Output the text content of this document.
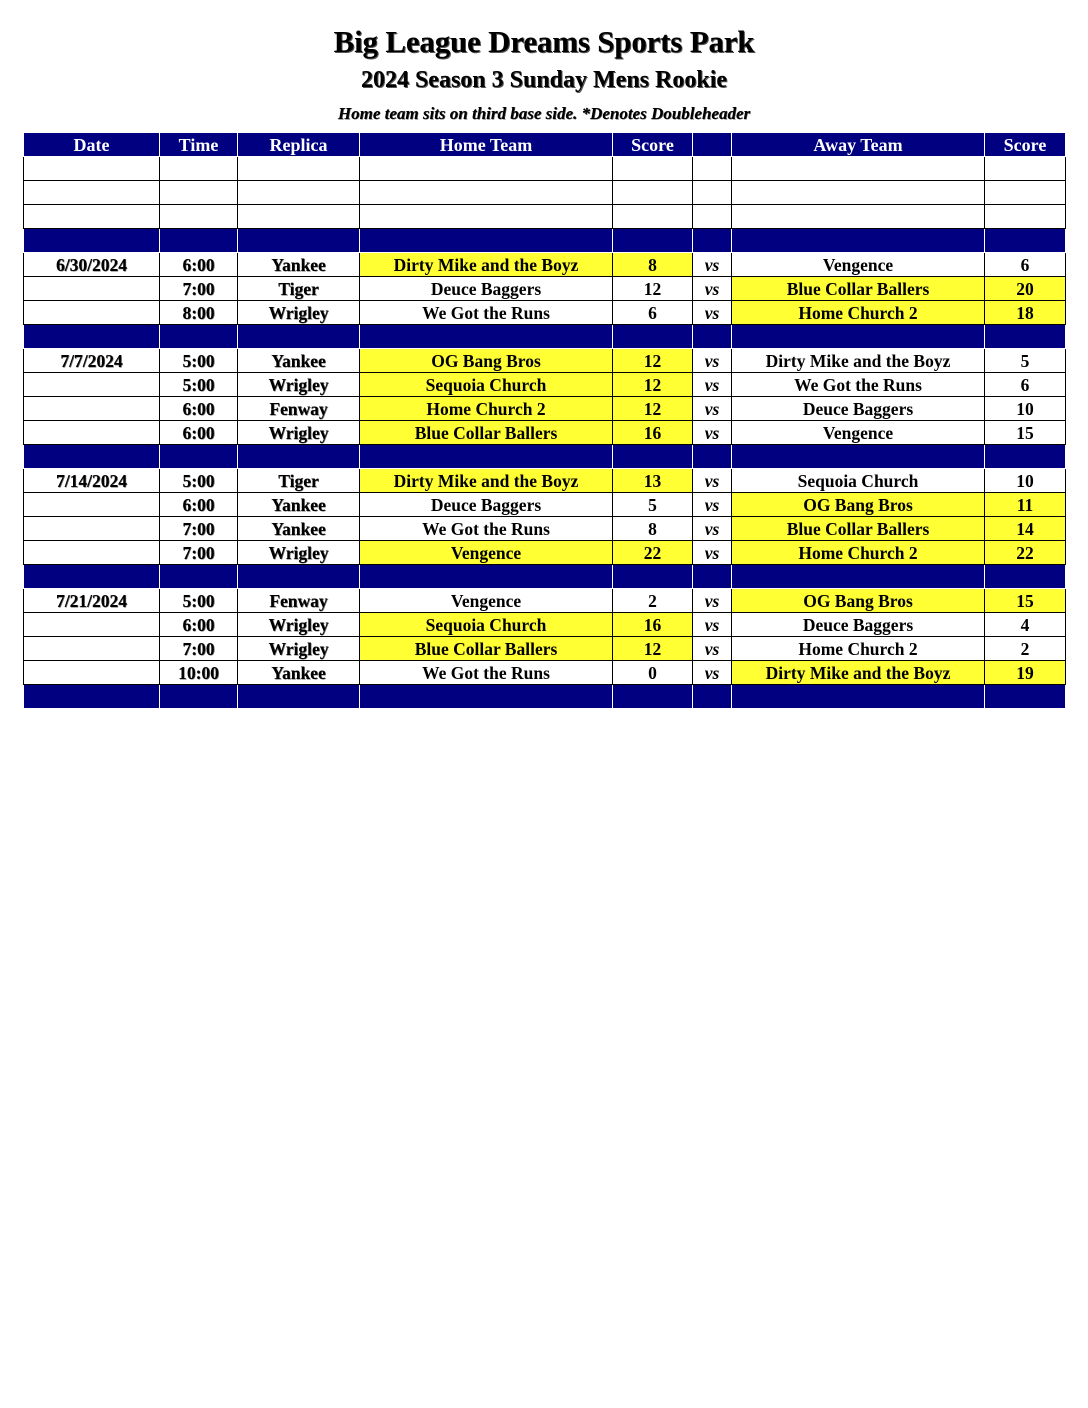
Big League Dreams Sports Park
2024 Season 3 Sunday Mens Rookie
Home team sits on third base side. *Denotes Doubleheader
Date	Time	Replica	Home Team	Score		Away Team	Score

6/30/2024	6:00	Yankee	Dirty Mike and the Boyz	8	vs	Vengence	6
	7:00	Tiger	Deuce Baggers	12	vs	Blue Collar Ballers	20
	8:00	Wrigley	We Got the Runs	6	vs	Home Church 2	18

7/7/2024	5:00	Yankee	OG Bang Bros	12	vs	Dirty Mike and the Boyz	5
	5:00	Wrigley	Sequoia Church	12	vs	We Got the Runs	6
	6:00	Fenway	Home Church 2	12	vs	Deuce Baggers	10
	6:00	Wrigley	Blue Collar Ballers	16	vs	Vengence	15

7/14/2024	5:00	Tiger	Dirty Mike and the Boyz	13	vs	Sequoia Church	10
	6:00	Yankee	Deuce Baggers	5	vs	OG Bang Bros	11
	7:00	Yankee	We Got the Runs	8	vs	Blue Collar Ballers	14
	7:00	Wrigley	Vengence	22	vs	Home Church 2	22

7/21/2024	5:00	Fenway	Vengence	2	vs	OG Bang Bros	15
	6:00	Wrigley	Sequoia Church	16	vs	Deuce Baggers	4
	7:00	Wrigley	Blue Collar Ballers	12	vs	Home Church 2	2
	10:00	Yankee	We Got the Runs	0	vs	Dirty Mike and the Boyz	19
